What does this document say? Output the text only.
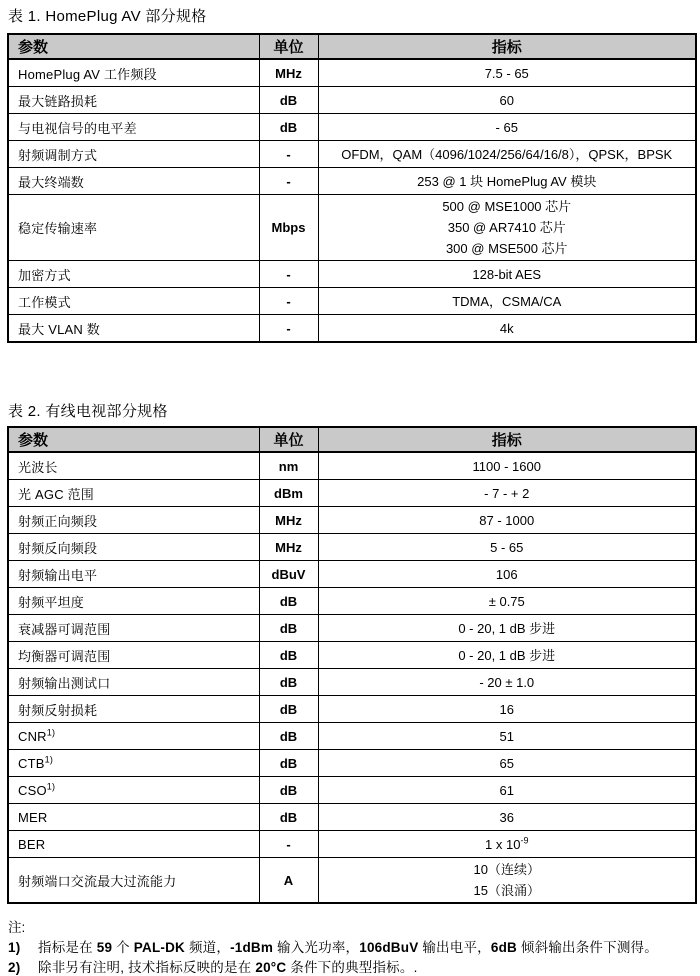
表 1. HomePlug AV 部分规格
参数	单位	指标
HomePlug AV 工作频段	MHz	7.5 - 65

最大链路损耗	dB	60

与电视信号的电平差	dB	- 65

射频调制方式	-	OFDM，QAM（4096/1024/256/64/16/8），QPSK，BPSK

最大终端数	-	253 @ 1 块 HomePlug AV 模块

稳定传输速率	Mbps	500 @ MSE1000 芯片
350 @ AR7410 芯片
300 @ MSE500 芯片

加密方式	-	128-bit AES

工作模式	-	TDMA，CSMA/CA

最大 VLAN 数	-	4k
表 2. 有线电视部分规格
参数	单位	指标
光波长	nm	1100 - 1600

光 AGC 范围	dBm	- 7 - + 2

射频正向频段	MHz	87 - 1000

射频反向频段	MHz	5 - 65

射频输出电平	dBuV	106

射频平坦度	dB	± 0.75

衰减器可调范围	dB	0 - 20, 1 dB 步进

均衡器可调范围	dB	0 - 20, 1 dB 步进

射频输出测试口	dB	- 20 ± 1.0

射频反射损耗	dB	16

CNR$^{1)}$	dB	51

CTB$^{1)}$	dB	65

CSO$^{1)}$	dB	61

MER	dB	36

BER	-	1 x $10^{-9}$

射频端口交流最大过流能力	A	10（连续）
15（浪涌）
注:
1)	指标是在 59 个 PAL-DK 频道，-1dBm 输入光功率，106dBuV 输出电平，6dB 倾斜输出条件下测得。
2)	除非另有注明, 技术指标反映的是在 20°C 条件下的典型指标。.
